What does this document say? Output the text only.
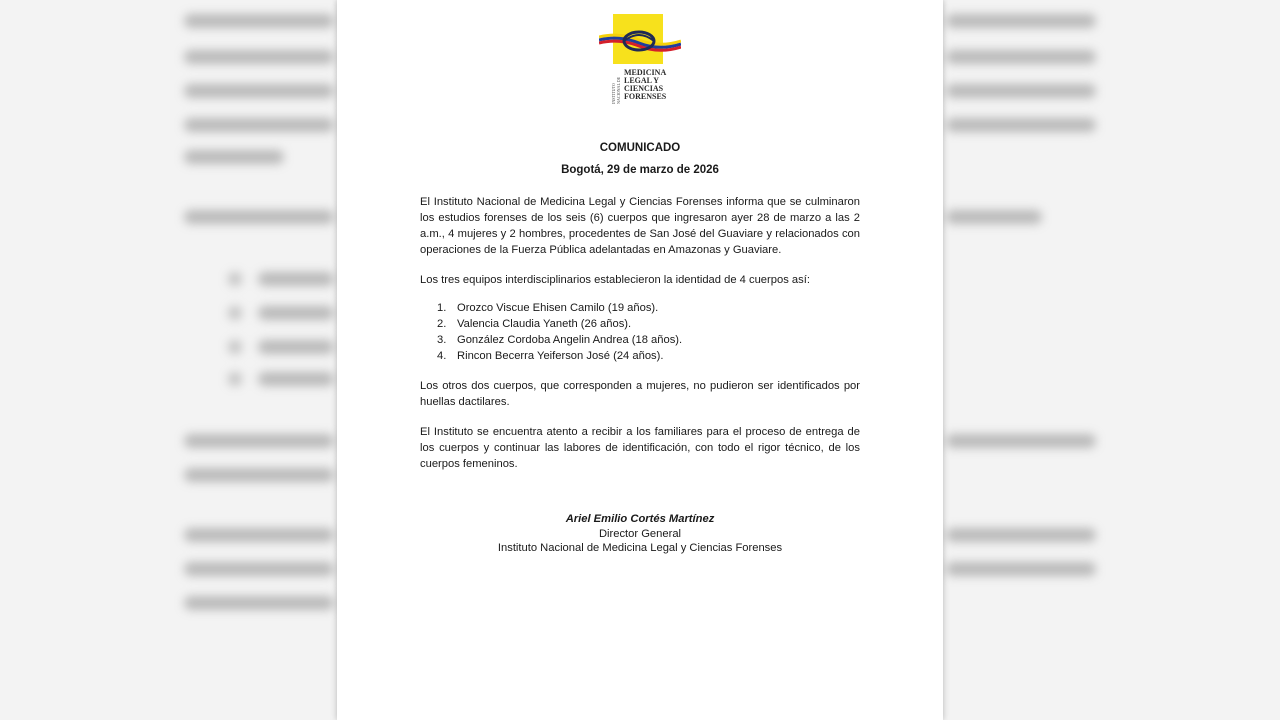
INSTITUTO NACIONAL DE
MEDICINA
LEGAL Y
CIENCIAS
FORENSES
COMUNICADO
Bogotá, 29 de marzo de 2026
El Instituto Nacional de Medicina Legal y Ciencias Forenses informa que se culminaron los estudios forenses de los seis (6) cuerpos que ingresaron ayer 28 de marzo a las 2 a.m., 4 mujeres y 2 hombres, procedentes de San José del Guaviare y relacionados con operaciones de la Fuerza Pública adelantadas en Amazonas y Guaviare.
Los tres equipos interdisciplinarios establecieron la identidad de 4 cuerpos así:
1. Orozco Viscue Ehisen Camilo (19 años).
2. Valencia Claudia Yaneth (26 años).
3. González Cordoba Angelin Andrea (18 años).
4. Rincon Becerra Yeiferson José (24 años).
Los otros dos cuerpos, que corresponden a mujeres, no pudieron ser identificados por huellas dactilares.
El Instituto se encuentra atento a recibir a los familiares para el proceso de entrega de los cuerpos y continuar las labores de identificación, con todo el rigor técnico, de los cuerpos femeninos.
Ariel Emilio Cortés Martínez
Director General
Instituto Nacional de Medicina Legal y Ciencias Forenses
